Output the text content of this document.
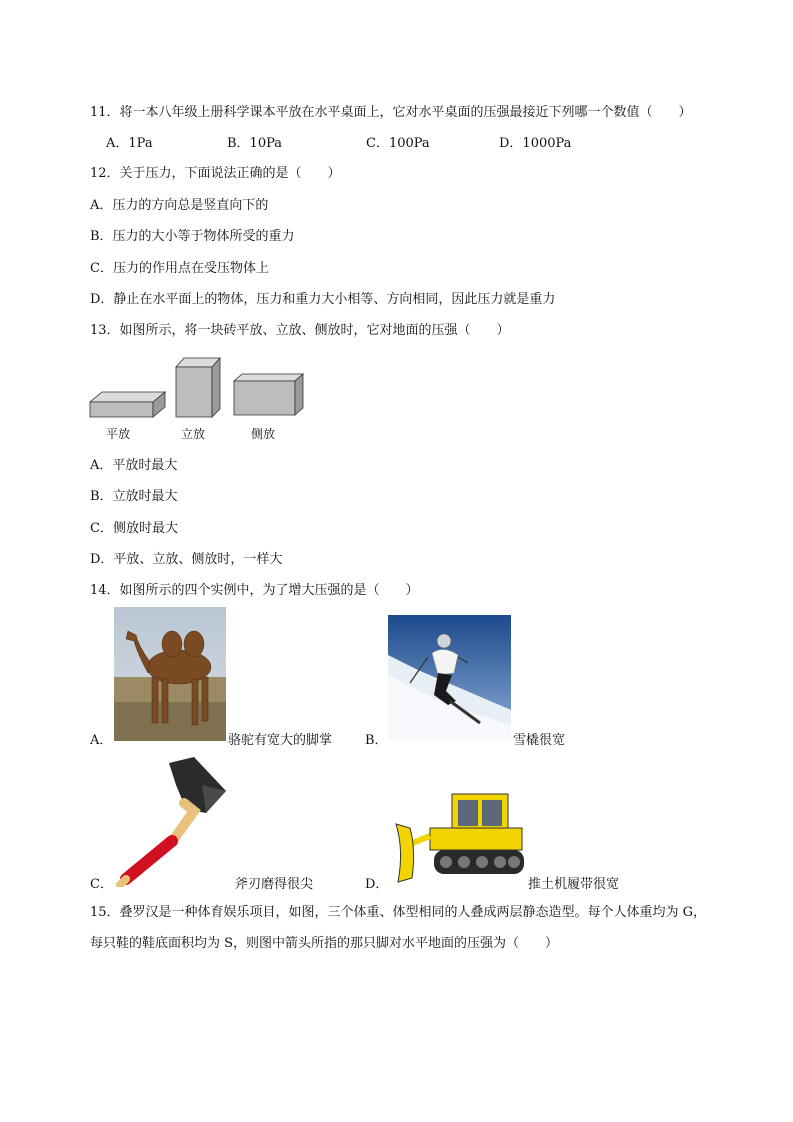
11．将一本八年级上册科学课本平放在水平桌面上，它对水平桌面的压强最接近下列哪一个数值（　　）
A．1Pa	B．10Pa	C．100Pa	D．1000Pa
12．关于压力，下面说法正确的是（　　）
A．压力的方向总是竖直向下的
B．压力的大小等于物体所受的重力
C．压力的作用点在受压物体上
D．静止在水平面上的物体，压力和重力大小相等、方向相同，因此压力就是重力
13．如图所示，将一块砖平放、立放、侧放时，它对地面的压强（　　）
平放	立放	侧放
A．平放时最大
B．立放时最大
C．侧放时最大
D．平放、立放、侧放时，一样大
14．如图所示的四个实例中，为了增大压强的是（　　）
A．	骆驼有宽大的脚掌	B．	雪橇很宽
C．	斧刃磨得很尖	D．	推土机履带很宽
15．叠罗汉是一种体育娱乐项目，如图，三个体重、体型相同的人叠成两层静态造型。每个人体重均为 G，
每只鞋的鞋底面积均为 S，则图中箭头所指的那只脚对水平地面的压强为（　　）
